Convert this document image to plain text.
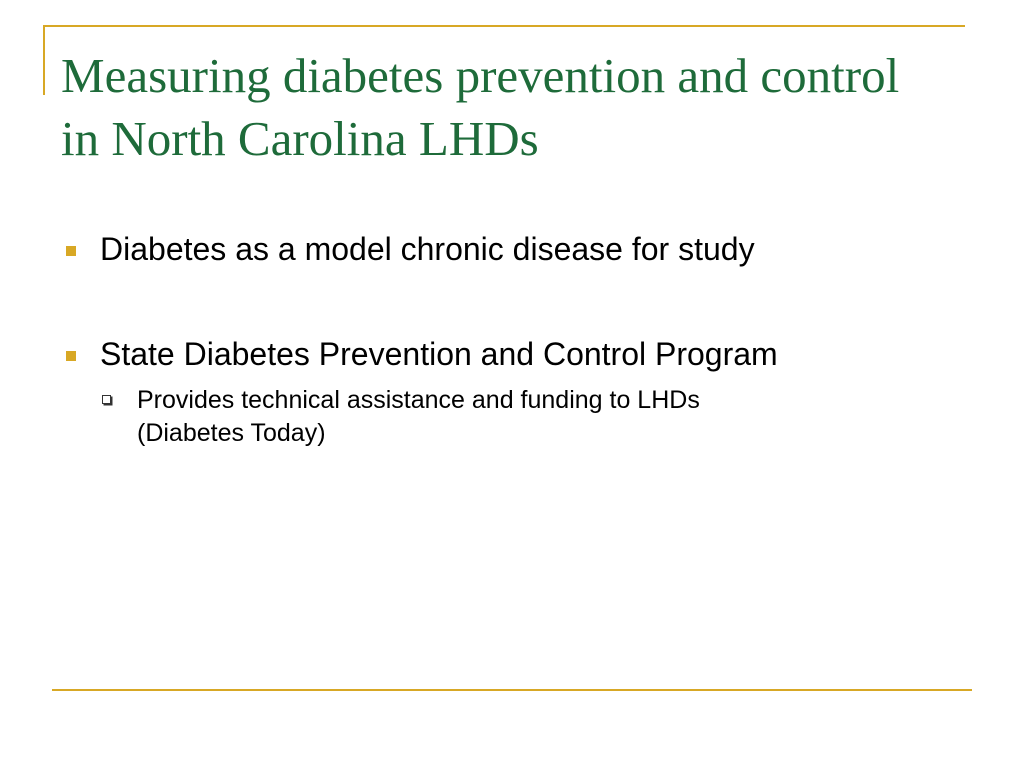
Measuring diabetes prevention and control
in North Carolina LHDs
Diabetes as a model chronic disease for study
State Diabetes Prevention and Control Program
Provides technical assistance and funding to LHDs
(Diabetes Today)
